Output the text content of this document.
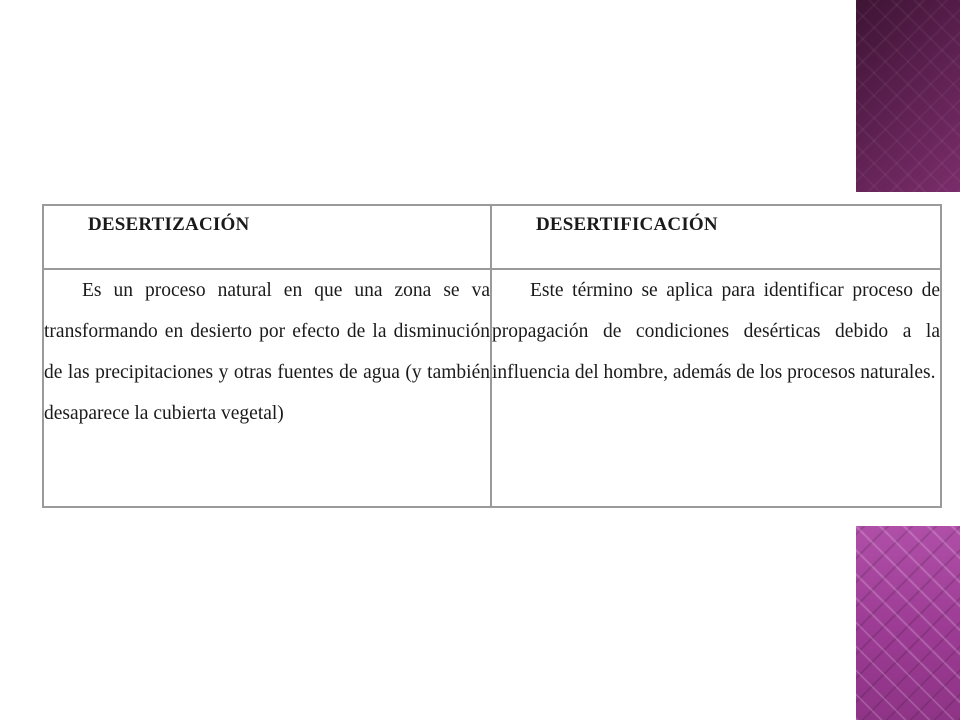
DESERTIZACIÓN	DESERTIFICACIÓN

Es un proceso natural en que una zona se va transformando en desierto por efecto de la disminución de las precipitaciones y otras fuentes de agua (y también desaparece la cubierta vegetal)	Este término se aplica para identificar proceso de propagación de condiciones desérticas debido a la influencia del hombre, además de los procesos naturales.
